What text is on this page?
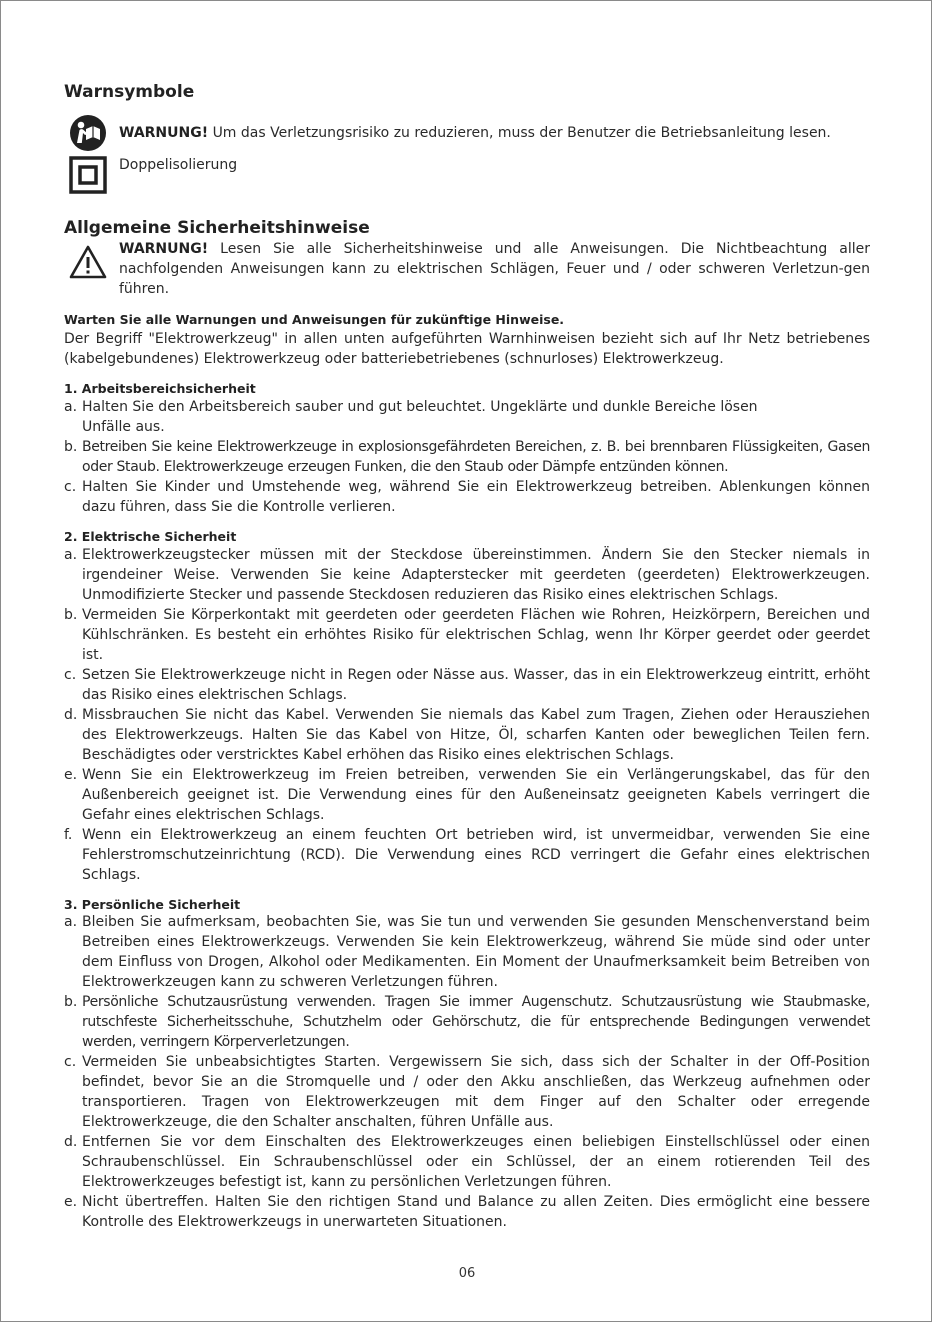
Warnsymbole
WARNUNG! Um das Verletzungsrisiko zu reduzieren, muss der Benutzer die Betriebsanleitung lesen.
Doppelisolierung
Allgemeine Sicherheitshinweise
WARNUNG! Lesen Sie alle Sicherheitshinweise und alle Anweisungen. Die Nichtbeachtung aller nachfolgenden Anweisungen kann zu elektrischen Schlägen, Feuer und / oder schweren Verletzun-gen führen.
Warten Sie alle Warnungen und Anweisungen für zukünftige Hinweise.

Der Begriff "Elektrowerkzeug" in allen unten aufgeführten Warnhinweisen bezieht sich auf Ihr Netz betriebenes (kabelgebundenes) Elektrowerkzeug oder batteriebetriebenes (schnurloses) Elektrowerkzeug.

1. Arbeitsbereichsicherheit
a. Halten Sie den Arbeitsbereich sauber und gut beleuchtet. Ungeklärte und dunkle Bereiche lösen Unfälle aus.
b. Betreiben Sie keine Elektrowerkzeuge in explosionsgefährdeten Bereichen, z. B. bei brennbaren Flüssigkeiten, Gasen oder Staub. Elektrowerkzeuge erzeugen Funken, die den Staub oder Dämpfe entzünden können.
c. Halten Sie Kinder und Umstehende weg, während Sie ein Elektrowerkzeug betreiben. Ablenkungen können dazu führen, dass Sie die Kontrolle verlieren.
2. Elektrische Sicherheit
a. Elektrowerkzeugstecker müssen mit der Steckdose übereinstimmen. Ändern Sie den Stecker niemals in irgendeiner Weise. Verwenden Sie keine Adapterstecker mit geerdeten (geerdeten) Elektrowerkzeugen. Unmodifizierte Stecker und passende Steckdosen reduzieren das Risiko eines elektrischen Schlags.
b. Vermeiden Sie Körperkontakt mit geerdeten oder geerdeten Flächen wie Rohren, Heizkörpern, Bereichen und Kühlschränken. Es besteht ein erhöhtes Risiko für elektrischen Schlag, wenn Ihr Körper geerdet oder geerdet ist.
c. Setzen Sie Elektrowerkzeuge nicht in Regen oder Nässe aus. Wasser, das in ein Elektrowerkzeug eintritt, erhöht das Risiko eines elektrischen Schlags.
d. Missbrauchen Sie nicht das Kabel. Verwenden Sie niemals das Kabel zum Tragen, Ziehen oder Herausziehen des Elektrowerkzeugs. Halten Sie das Kabel von Hitze, Öl, scharfen Kanten oder beweglichen Teilen fern. Beschädigtes oder verstricktes Kabel erhöhen das Risiko eines elektrischen Schlags.
e. Wenn Sie ein Elektrowerkzeug im Freien betreiben, verwenden Sie ein Verlängerungskabel, das für den Außenbereich geeignet ist. Die Verwendung eines für den Außeneinsatz geeigneten Kabels verringert die Gefahr eines elektrischen Schlags.
f. Wenn ein Elektrowerkzeug an einem feuchten Ort betrieben wird, ist unvermeidbar, verwenden Sie eine Fehlerstromschutzeinrichtung (RCD). Die Verwendung eines RCD verringert die Gefahr eines elektrischen Schlags.
3. Persönliche Sicherheit
a. Bleiben Sie aufmerksam, beobachten Sie, was Sie tun und verwenden Sie gesunden Menschenverstand beim Betreiben eines Elektrowerkzeugs. Verwenden Sie kein Elektrowerkzeug, während Sie müde sind oder unter dem Einfluss von Drogen, Alkohol oder Medikamenten. Ein Moment der Unaufmerksamkeit beim Betreiben von Elektrowerkzeugen kann zu schweren Verletzungen führen.
b. Persönliche Schutzausrüstung verwenden. Tragen Sie immer Augenschutz. Schutzausrüstung wie Staubmaske, rutschfeste Sicherheitsschuhe, Schutzhelm oder Gehörschutz, die für entsprechende Bedingungen verwendet werden, verringern Körperverletzungen.
c. Vermeiden Sie unbeabsichtigtes Starten. Vergewissern Sie sich, dass sich der Schalter in der Off-Position befindet, bevor Sie an die Stromquelle und / oder den Akku anschließen, das Werkzeug aufnehmen oder transportieren. Tragen von Elektrowerkzeugen mit dem Finger auf den Schalter oder erregende Elektrowerkzeuge, die den Schalter anschalten, führen Unfälle aus.
d. Entfernen Sie vor dem Einschalten des Elektrowerkzeuges einen beliebigen Einstellschlüssel oder einen Schraubenschlüssel. Ein Schraubenschlüssel oder ein Schlüssel, der an einem rotierenden Teil des Elektrowerkzeuges befestigt ist, kann zu persönlichen Verletzungen führen.
e. Nicht übertreffen. Halten Sie den richtigen Stand und Balance zu allen Zeiten. Dies ermöglicht eine bessere Kontrolle des Elektrowerkzeugs in unerwarteten Situationen.
06
